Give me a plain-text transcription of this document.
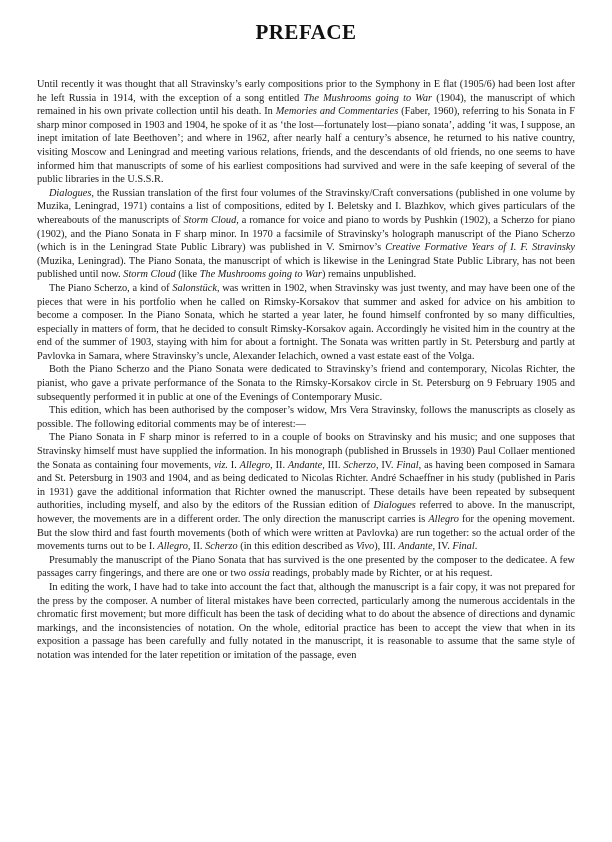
PREFACE

Until recently it was thought that all Stravinsky’s early compositions prior to the Symphony in E flat (1905/6) had been lost after he left Russia in 1914, with the exception of a song entitled The Mushrooms going to War (1904), the manuscript of which remained in his own private collection until his death. In Memories and Commentaries (Faber, 1960), referring to his Sonata in F sharp minor composed in 1903 and 1904, he spoke of it as ‘the lost—fortunately lost—piano sonata’, adding ‘it was, I suppose, an inept imitation of late Beethoven’; and where in 1962, after nearly half a century’s absence, he returned to his native country, visiting Moscow and Leningrad and meeting various relations, friends, and the descendants of old friends, no one seems to have informed him that manuscripts of some of his earliest compositions had survived and were in the safe keeping of several of the public libraries in the U.S.S.R.

Dialogues, the Russian translation of the first four volumes of the Stravinsky/Craft conversations (published in one volume by Muzika, Leningrad, 1971) contains a list of compositions, edited by I. Beletsky and I. Blazhkov, which gives particulars of the whereabouts of the manuscripts of Storm Cloud, a romance for voice and piano to words by Pushkin (1902), a Scherzo for piano (1902), and the Piano Sonata in F sharp minor. In 1970 a facsimile of Stravinsky’s holograph manuscript of the Piano Scherzo (which is in the Leningrad State Public Library) was published in V. Smirnov’s Creative Formative Years of I. F. Stravinsky (Muzika, Leningrad). The Piano Sonata, the manuscript of which is likewise in the Leningrad State Public Library, has not been published until now. Storm Cloud (like The Mushrooms going to War) remains unpublished.

The Piano Scherzo, a kind of Salonstück, was written in 1902, when Stravinsky was just twenty, and may have been one of the pieces that were in his portfolio when he called on Rimsky-Korsakov that summer and asked for advice on his ambition to become a composer. In the Piano Sonata, which he started a year later, he found himself confronted by so many difficulties, especially in matters of form, that he decided to consult Rimsky-Korsakov again. Accordingly he visited him in the country at the end of the summer of 1903, staying with him for about a fortnight. The Sonata was written partly in St. Petersburg and partly at Pavlovka in Samara, where Stravinsky’s uncle, Alexander Ielachich, owned a vast estate east of the Volga.

Both the Piano Scherzo and the Piano Sonata were dedicated to Stravinsky’s friend and contemporary, Nicolas Richter, the pianist, who gave a private performance of the Sonata to the Rimsky-Korsakov circle in St. Petersburg on 9 February 1905 and subsequently performed it in public at one of the Evenings of Contemporary Music.

This edition, which has been authorised by the composer’s widow, Mrs Vera Stravinsky, follows the manuscripts as closely as possible. The following editorial comments may be of interest:—

The Piano Sonata in F sharp minor is referred to in a couple of books on Stravinsky and his music; and one supposes that Stravinsky himself must have supplied the information. In his monograph (published in Brussels in 1930) Paul Collaer mentioned the Sonata as containing four movements, viz. I. Allegro, II. Andante, III. Scherzo, IV. Final, as having been composed in Samara and St. Petersburg in 1903 and 1904, and as being dedicated to Nicolas Richter. André Schaeffner in his study (published in Paris in 1931) gave the additional information that Richter owned the manuscript. These details have been repeated by subsequent authorities, including myself, and also by the editors of the Russian edition of Dialogues referred to above. In the manuscript, however, the movements are in a different order. The only direction the manuscript carries is Allegro for the opening movement. But the slow third and fast fourth movements (both of which were written at Pavlovka) are run together: so the actual order of the movements turns out to be I. Allegro, II. Scherzo (in this edition described as Vivo), III. Andante, IV. Final.

Presumably the manuscript of the Piano Sonata that has survived is the one presented by the composer to the dedicatee. A few passages carry fingerings, and there are one or two ossia readings, probably made by Richter, or at his request.

In editing the work, I have had to take into account the fact that, although the manuscript is a fair copy, it was not prepared for the press by the composer. A number of literal mistakes have been corrected, particularly among the numerous accidentals in the chromatic first movement; but more difficult has been the task of deciding what to do about the absence of directions and dynamic markings, and the inconsistencies of notation. On the whole, editorial practice has been to accept the view that when in its exposition a passage has been carefully and fully notated in the manuscript, it is reasonable to assume that the same style of notation was intended for the later repetition or imitation of the passage, even
